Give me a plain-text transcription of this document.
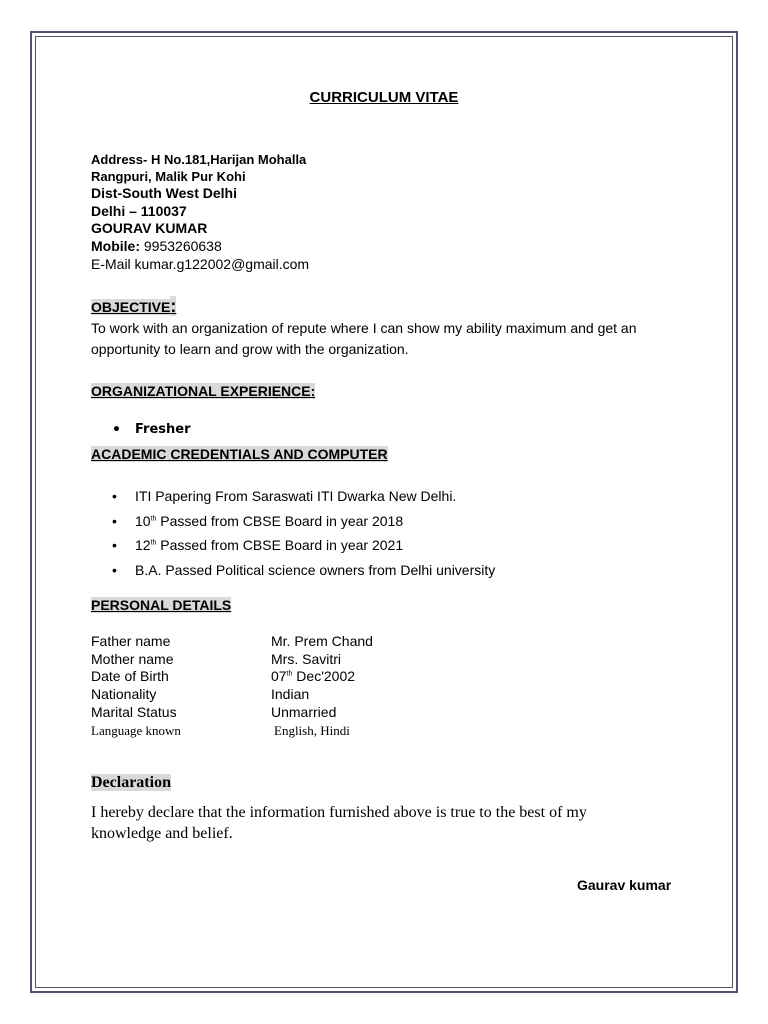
CURRICULUM VITAE
Address- H No.181,Harijan Mohalla
Rangpuri, Malik Pur Kohi
Dist-South West Delhi
Delhi – 110037
GOURAV KUMAR
Mobile: 9953260638
E-Mail kumar.g122002@gmail.com
OBJECTIVE:
To work with an organization of repute where I can show my ability maximum and get an opportunity to learn and grow with the organization.
ORGANIZATIONAL EXPERIENCE:
• Fresher
ACADEMIC CREDENTIALS AND COMPUTER
• ITI Papering From Saraswati ITI Dwarka New Delhi.
• 10th Passed from CBSE Board in year 2018
• 12th Passed from CBSE Board in year 2021
• B.A. Passed Political science owners from Delhi university
PERSONAL DETAILS
Father name	Mr. Prem Chand
Mother name	Mrs. Savitri
Date of Birth	07th Dec'2002
Nationality	Indian
Marital Status	Unmarried
Language known	English, Hindi
Declaration
I hereby declare that the information furnished above is true to the best of my knowledge and belief.
Gaurav kumar
